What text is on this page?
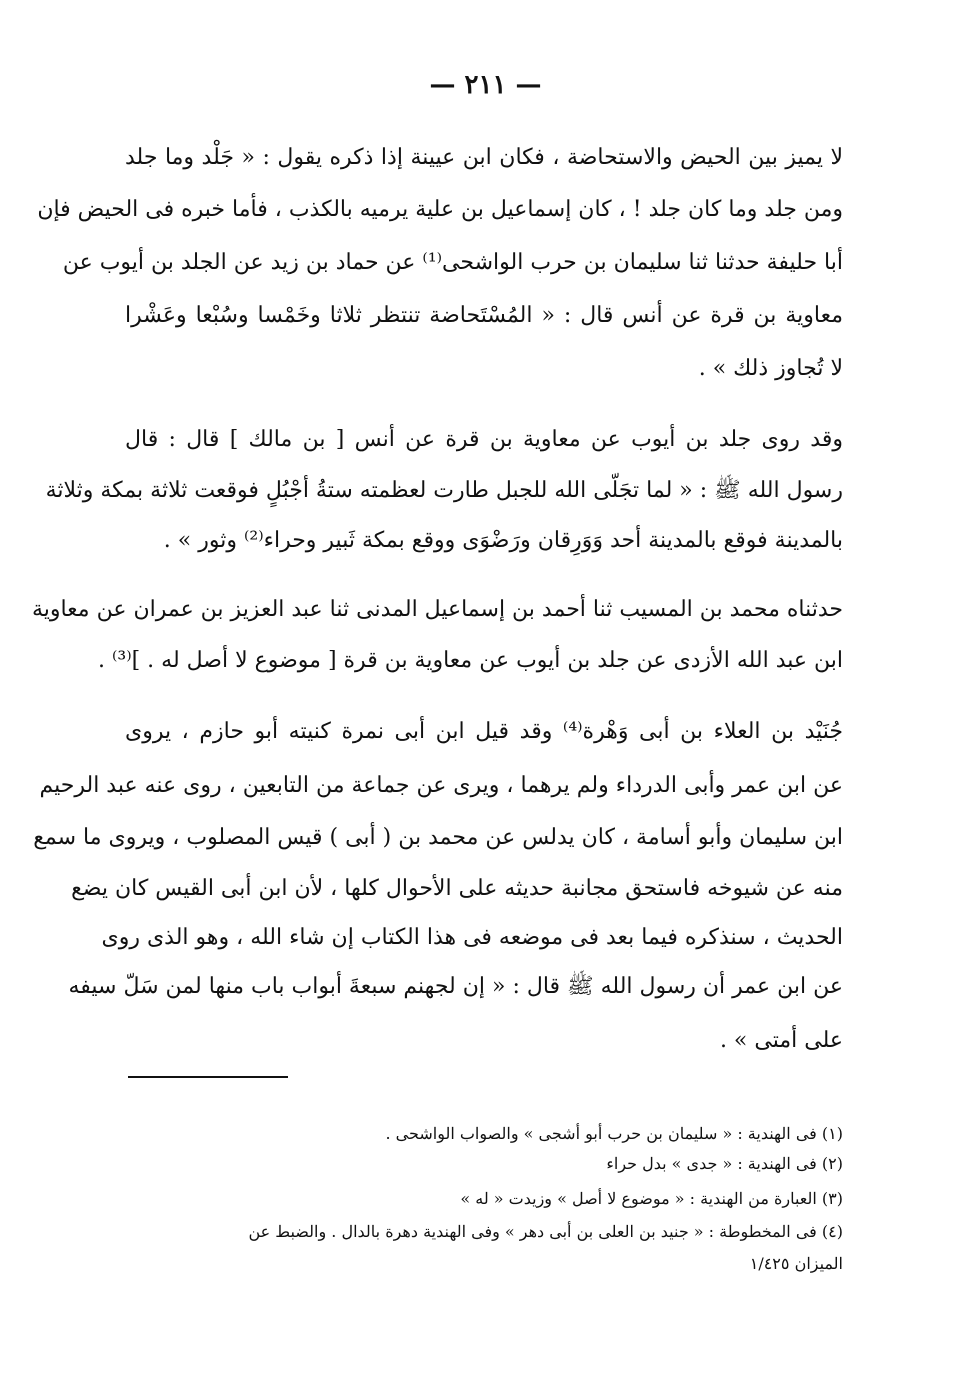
— ٢١١ —
لا يميز بين الحيض والاستحاضة ، فكان ابن عيينة إذا ذكره يقول : « جَلْد وما جلد
ومن جلد وما كان جلد ! ، كان إسماعيل بن علية يرميه بالكذب ، فأما خبره فى الحيض فإن
أبا حليفة حدثنا ثنا سليمان بن حرب الواشحى⁽¹⁾ عن حماد بن زيد عن الجلد بن أيوب عن
معاوية بن قرة عن أنس قال : « المُسْتَحاضة تنتظر ثلاثا وخَمْسا وسُبْعا وعَشْرا
لا تُجاوز ذلك » .
وقد روى جلد بن أيوب عن معاوية بن قرة عن أنس [ بن مالك ] قال : قال
رسول الله ﷺ : « لما تجَلّى الله للجبل طارت لعظمته ستةُ أجْبُلٍ فوقعت ثلاثة بمكة وثلاثة
بالمدينة فوقع بالمدينة أحد وَوَرِقان ورَضْوَى ووقع بمكة ثَبير وحراء⁽²⁾ وثور » .
حدثناه محمد بن المسيب ثنا أحمد بن إسماعيل المدنى ثنا عبد العزيز بن عمران عن معاوية
ابن عبد الله الأزدى عن جلد بن أيوب عن معاوية بن قرة [ موضوع لا أصل له . ]⁽³⁾ .
جُنَيْد بن العلاء بن أبى وَهْرة⁽⁴⁾ وقد قيل ابن أبى نمرة كنيته أبو حازم ، يروى
عن ابن عمر وأبى الدرداء ولم يرهما ، ويرى عن جماعة من التابعين ، روى عنه عبد الرحيم
ابن سليمان وأبو أسامة ، كان يدلس عن محمد بن ( أبى ) قيس المصلوب ، ويروى ما سمع
منه عن شيوخه فاستحق مجانبة حديثه على الأحوال كلها ، لأن ابن أبى القيس كان يضع
الحديث ، سنذكره فيما بعد فى موضعه فى هذا الكتاب إن شاء الله ، وهو الذى روى
عن ابن عمر أن رسول الله ﷺ قال : « إن لجهنم سبعةَ أبواب باب منها لمن سَلّ سيفه
على أمتى » .
(١) فى الهندية : « سليمان بن حرب أبو أشجى » والصواب الواشحى .
(٢) فى الهندية : « جدى » بدل حراء
(٣) العبارة من الهندية : « موضوع لا أصل » وزيدت « له »
(٤) فى المخطوطة : « جنيد بن العلى بن أبى دهر » وفى الهندية دهرة بالدال . والضبط عن
الميزان ١/٤٢٥
